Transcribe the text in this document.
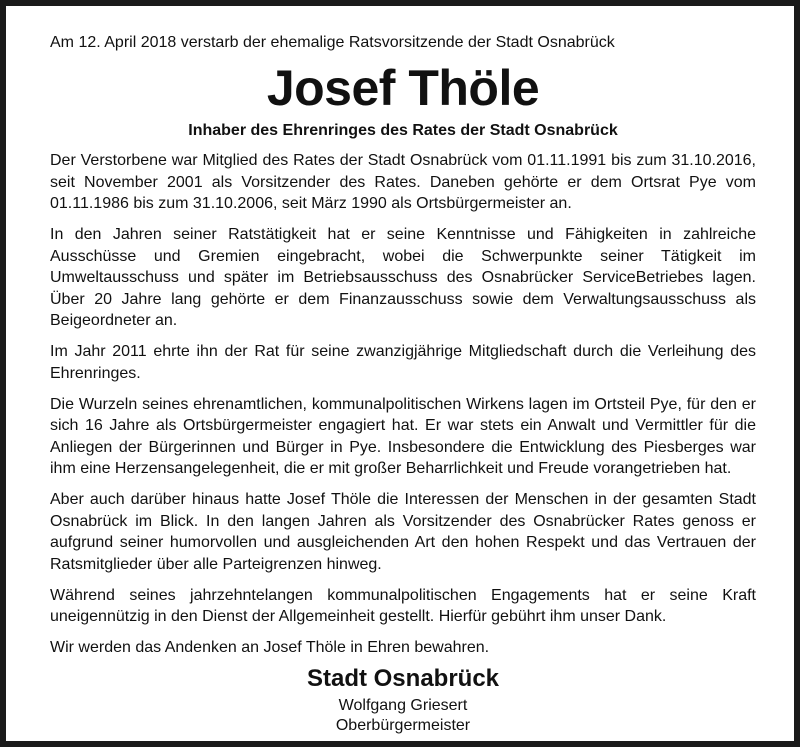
Am 12. April 2018 verstarb der ehemalige Ratsvorsitzende der Stadt Osnabrück

Josef Thöle

Inhaber des Ehrenringes des Rates der Stadt Osnabrück

Der Verstorbene war Mitglied des Rates der Stadt Osnabrück vom 01.11.1991 bis zum 31.10.2016, seit November 2001 als Vorsitzender des Rates. Daneben gehörte er dem Ortsrat Pye vom 01.11.1986 bis zum 31.10.2006, seit März 1990 als Ortsbürgermeister an.

In den Jahren seiner Ratstätigkeit hat er seine Kenntnisse und Fähigkeiten in zahlreiche Ausschüsse und Gremien eingebracht, wobei die Schwerpunkte seiner Tätigkeit im Umweltausschuss und später im Betriebsausschuss des Osnabrücker ServiceBetriebes lagen. Über 20 Jahre lang gehörte er dem Finanzausschuss sowie dem Verwaltungsausschuss als Beigeordneter an.

Im Jahr 2011 ehrte ihn der Rat für seine zwanzigjährige Mitgliedschaft durch die Verleihung des Ehrenringes.

Die Wurzeln seines ehrenamtlichen, kommunalpolitischen Wirkens lagen im Ortsteil Pye, für den er sich 16 Jahre als Ortsbürgermeister engagiert hat. Er war stets ein Anwalt und Vermittler für die Anliegen der Bürgerinnen und Bürger in Pye. Insbesondere die Entwicklung des Piesberges war ihm eine Herzensangelegenheit, die er mit großer Beharrlichkeit und Freude vorangetrieben hat.

Aber auch darüber hinaus hatte Josef Thöle die Interessen der Menschen in der gesamten Stadt Osnabrück im Blick. In den langen Jahren als Vorsitzender des Osnabrücker Rates genoss er aufgrund seiner humorvollen und ausgleichenden Art den hohen Respekt und das Vertrauen der Ratsmitglieder über alle Parteigrenzen hinweg.

Während seines jahrzehntelangen kommunalpolitischen Engagements hat er seine Kraft uneigennützig in den Dienst der Allgemeinheit gestellt. Hierfür gebührt ihm unser Dank.

Wir werden das Andenken an Josef Thöle in Ehren bewahren.

Stadt Osnabrück
Wolfgang Griesert
Oberbürgermeister
